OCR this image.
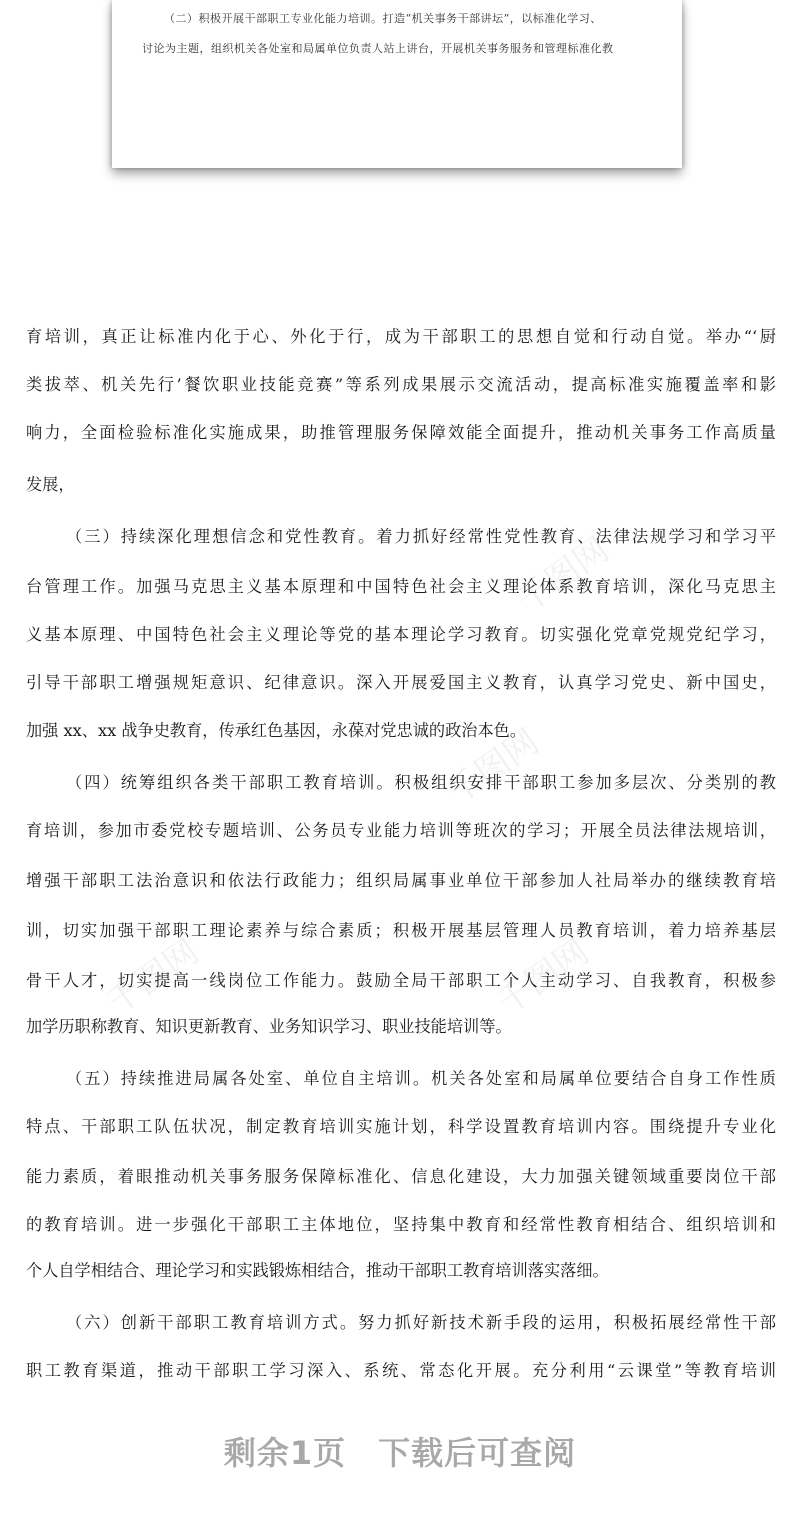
（二）积极开展干部职工专业化能力培训。打造“机关事务干部讲坛”，以标准化学习、
讨论为主题，组织机关各处室和局属单位负责人站上讲台，开展机关事务服务和管理标准化教
千图网
千图网
千图网	千图网
育培训，真正让标准内化于心、外化于行，成为干部职工的思想自觉和行动自觉。举办“‘厨
类拔萃、机关先行’餐饮职业技能竞赛”等系列成果展示交流活动，提高标准实施覆盖率和影
响力，全面检验标准化实施成果，助推管理服务保障效能全面提升，推动机关事务工作高质量
发展，
（三）持续深化理想信念和党性教育。着力抓好经常性党性教育、法律法规学习和学习平
台管理工作。加强马克思主义基本原理和中国特色社会主义理论体系教育培训，深化马克思主
义基本原理、中国特色社会主义理论等党的基本理论学习教育。切实强化党章党规党纪学习，
引导干部职工增强规矩意识、纪律意识。深入开展爱国主义教育，认真学习党史、新中国史，
加强 xx、xx 战争史教育，传承红色基因，永葆对党忠诚的政治本色。
（四）统筹组织各类干部职工教育培训。积极组织安排干部职工参加多层次、分类别的教
育培训，参加市委党校专题培训、公务员专业能力培训等班次的学习；开展全员法律法规培训，
增强干部职工法治意识和依法行政能力；组织局属事业单位干部参加人社局举办的继续教育培
训，切实加强干部职工理论素养与综合素质；积极开展基层管理人员教育培训，着力培养基层
骨干人才，切实提高一线岗位工作能力。鼓励全局干部职工个人主动学习、自我教育，积极参
加学历职称教育、知识更新教育、业务知识学习、职业技能培训等。
（五）持续推进局属各处室、单位自主培训。机关各处室和局属单位要结合自身工作性质
特点、干部职工队伍状况，制定教育培训实施计划，科学设置教育培训内容。围绕提升专业化
能力素质，着眼推动机关事务服务保障标准化、信息化建设，大力加强关键领域重要岗位干部
的教育培训。进一步强化干部职工主体地位，坚持集中教育和经常性教育相结合、组织培训和
个人自学相结合、理论学习和实践锻炼相结合，推动干部职工教育培训落实落细。
（六）创新干部职工教育培训方式。努力抓好新技术新手段的运用，积极拓展经常性干部
职工教育渠道，推动干部职工学习深入、系统、常态化开展。充分利用“云课堂”等教育培训
剩余1页 下载后可查阅
